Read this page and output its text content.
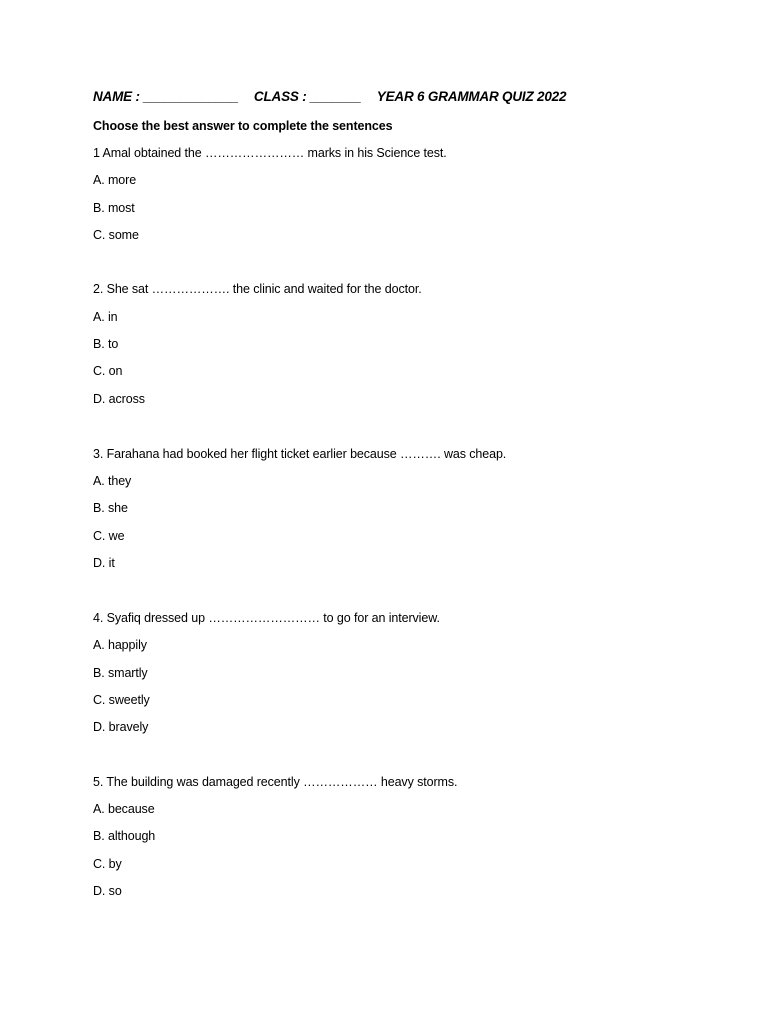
NAME : _____________ CLASS : _______ YEAR 6 GRAMMAR QUIZ 2022
Choose the best answer to complete the sentences
1 Amal obtained the …………………… marks in his Science test.
A. more
B. most
C. some
2. She sat ………………. the clinic and waited for the doctor.
A. in
B. to
C. on
D. across
3. Farahana had booked her flight ticket earlier because ………. was cheap.
A. they
B. she
C. we
D. it
4. Syafiq dressed up ……………………… to go for an interview.
A. happily
B. smartly
C. sweetly
D. bravely
5. The building was damaged recently ……………… heavy storms.
A. because
B. although
C. by
D. so
